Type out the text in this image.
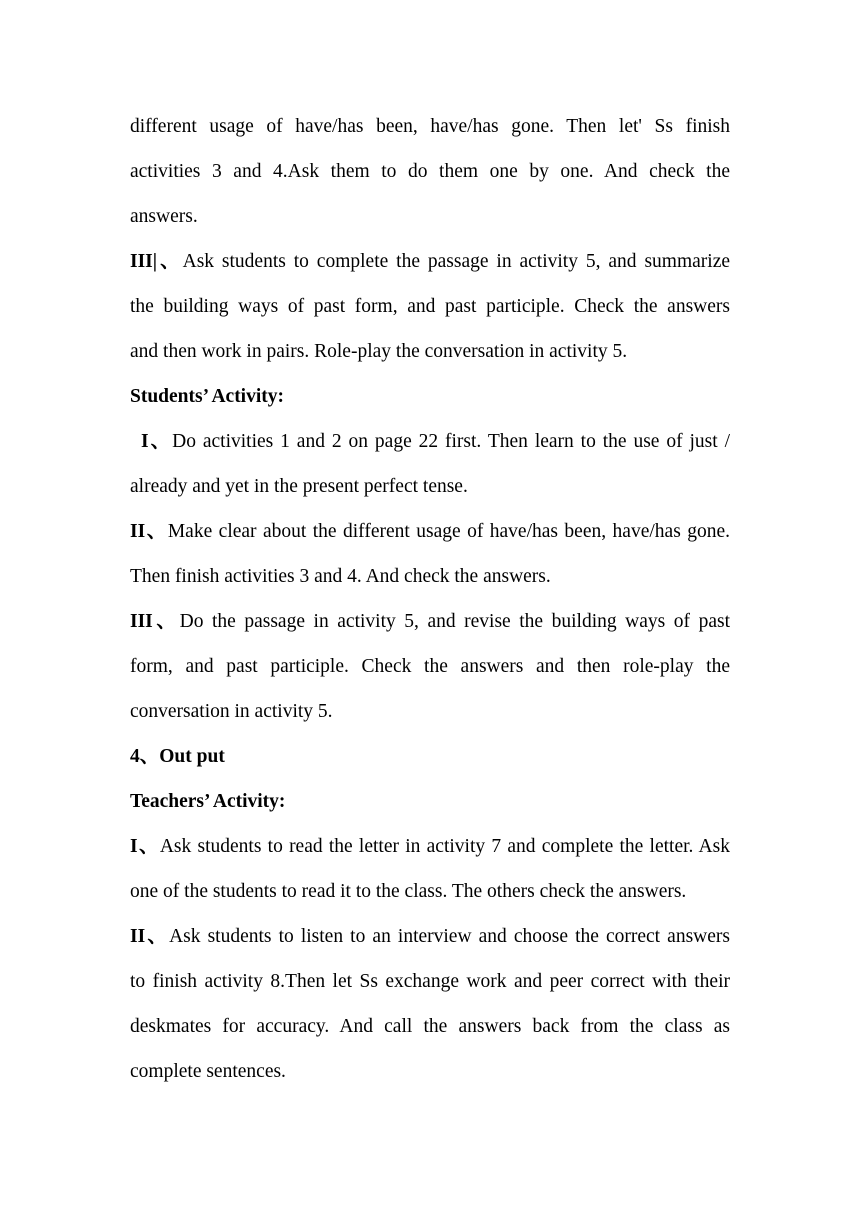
different usage of have/has been, have/has gone. Then let' Ss finish
activities 3 and 4.Ask them to do them one by one. And check the
answers.
III|、Ask students to complete the passage in activity 5, and summarize
the building ways of past form, and past participle. Check the answers
and then work in pairs. Role-play the conversation in activity 5.
Students’ Activity:
I、Do activities 1 and 2 on page 22 first. Then learn to the use of just /
already and yet in the present perfect tense.
II、Make clear about the different usage of have/has been, have/has gone.
Then finish activities 3 and 4. And check the answers.
III、Do the passage in activity 5, and revise the building ways of past
form, and past participle. Check the answers and then role-play the
conversation in activity 5.
4、Out put
Teachers’ Activity:
I、Ask students to read the letter in activity 7 and complete the letter. Ask
one of the students to read it to the class. The others check the answers.
II、Ask students to listen to an interview and choose the correct answers
to finish activity 8.Then let Ss exchange work and peer correct with their
deskmates for accuracy. And call the answers back from the class as
complete sentences.
